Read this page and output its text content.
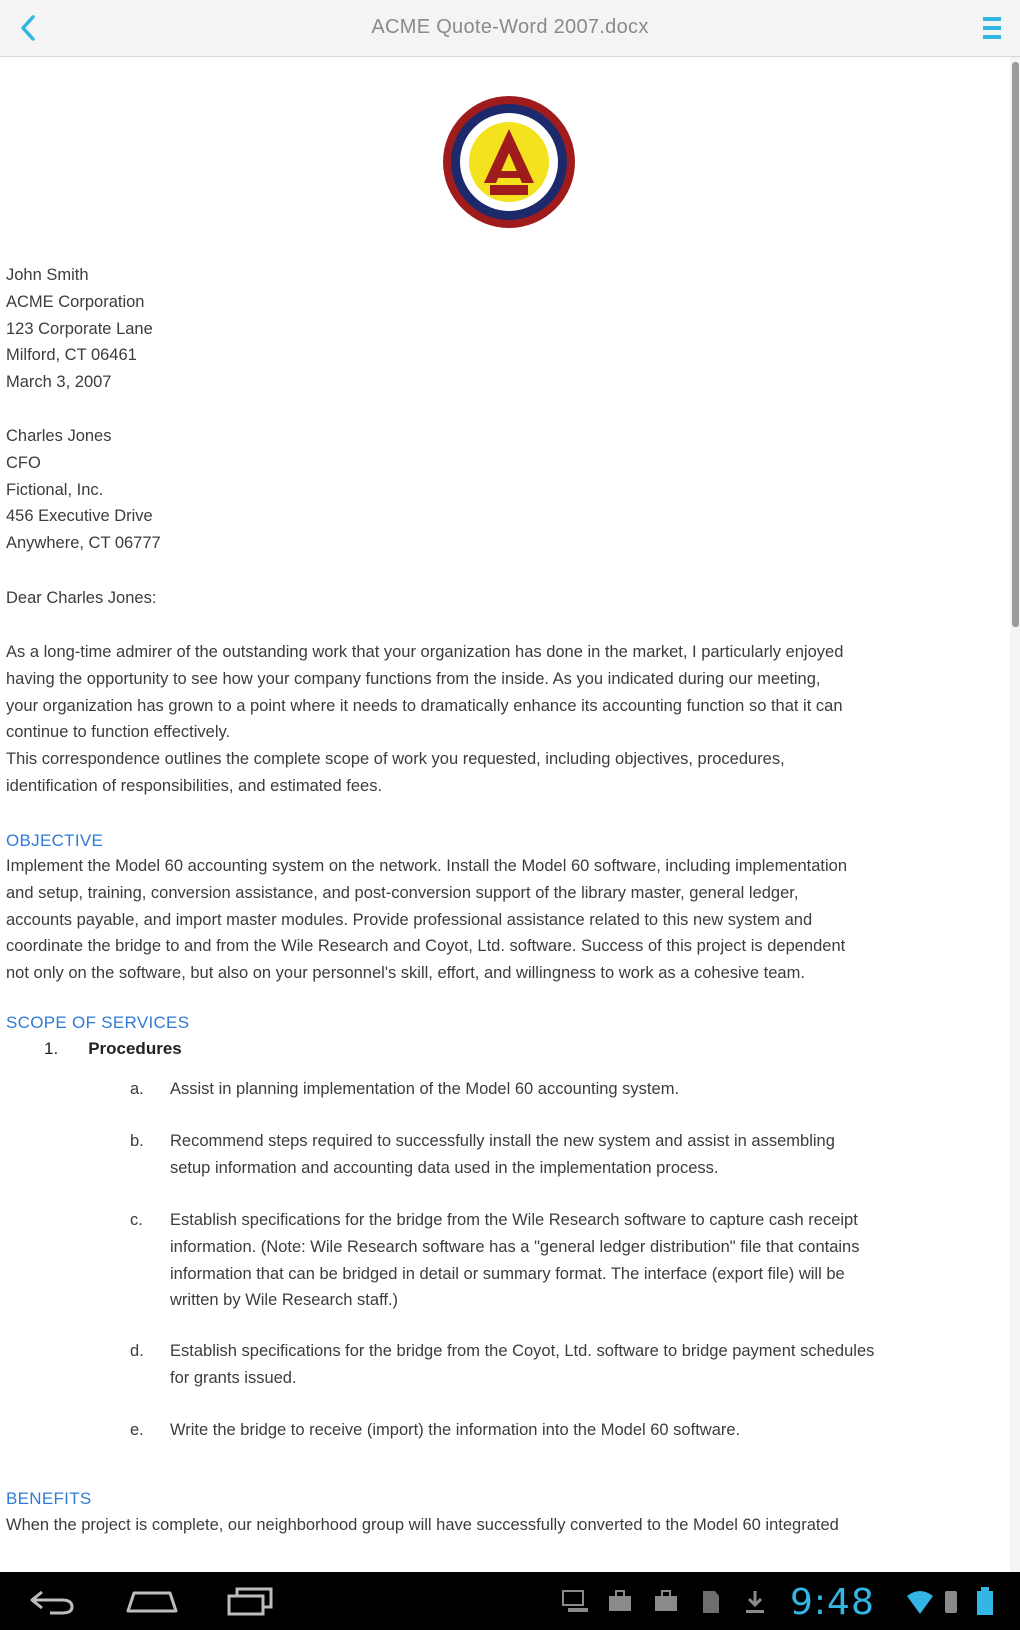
ACME Quote-Word 2007.docx
John Smith
ACME Corporation
123 Corporate Lane
Milford, CT 06461
March 3, 2007
Charles Jones
CFO
Fictional, Inc.
456 Executive Drive
Anywhere, CT 06777
Dear Charles Jones:
As a long-time admirer of the outstanding work that your organization has done in the market, I particularly enjoyed
having the opportunity to see how your company functions from the inside. As you indicated during our meeting,
your organization has grown to a point where it needs to dramatically enhance its accounting function so that it can
continue to function effectively.
This correspondence outlines the complete scope of work you requested, including objectives, procedures,
identification of responsibilities, and estimated fees.
OBJECTIVE
Implement the Model 60 accounting system on the network. Install the Model 60 software, including implementation
and setup, training, conversion assistance, and post-conversion support of the library master, general ledger,
accounts payable, and import master modules. Provide professional assistance related to this new system and
coordinate the bridge to and from the Wile Research and Coyot, Ltd. software. Success of this project is dependent
not only on the software, but also on your personnel's skill, effort, and willingness to work as a cohesive team.
SCOPE OF SERVICES
1. Procedures
a. Assist in planning implementation of the Model 60 accounting system.
b. Recommend steps required to successfully install the new system and assist in assembling
setup information and accounting data used in the implementation process.
c. Establish specifications for the bridge from the Wile Research software to capture cash receipt
information. (Note: Wile Research software has a "general ledger distribution" file that contains
information that can be bridged in detail or summary format. The interface (export file) will be
written by Wile Research staff.)
d. Establish specifications for the bridge from the Coyot, Ltd. software to bridge payment schedules
for grants issued.
e. Write the bridge to receive (import) the information into the Model 60 software.
BENEFITS
When the project is complete, our neighborhood group will have successfully converted to the Model 60 integrated
9:48
